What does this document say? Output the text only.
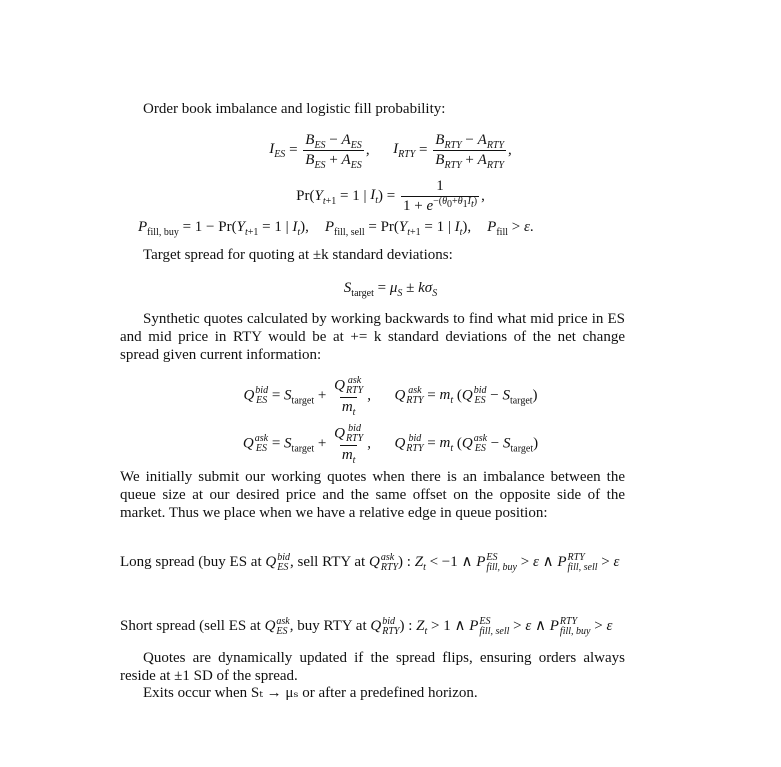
Order book imbalance and logistic fill probability:
$I_{ES} = \frac{B_{ES} - A_{ES}}{B_{ES} + A_{ES}}$ ,  $I_{RTY} = \frac{B_{RTY} - A_{RTY}}{B_{RTY} + A_{RTY}}$ ,
$Pr(Y_{t+1} = 1$ | $I_t) = \frac{1}{1 + e^{-(\theta_0+\theta_1I_t)}}$ ,
$P_{fill, buy} = 1 - Pr(Y_{t+1} = 1$ | $I_t$), $P_{fill, sell} = Pr(Y_{t+1} = 1$ | $I_t$), $P_{fill} > \varepsilon$.
Target spread for quoting at ±k standard deviations:
$S_{target} = \mu_S \pm k\sigma_S$
Synthetic quotes calculated by working backwards to find what mid price in ES and mid price in RTY would be at += k standard deviations of the net change spread given current information:
Q bid
ES = $S_{target} + Q$ ask
RTY
$m_t$ ,  Q ask
RTY = $m_t$ (Q bid
ES − $S_{target}$)
Q ask
ES = $S_{target} + Q$ bid
RTY
$m_t$ ,  Q bid
RTY = $m_t$ (Q ask
ES − $S_{target}$)
We initially submit our working quotes when there is an imbalance between the queue size at our desired price and the same offset on the opposite side of the market. Thus we place when we have a relative edge in queue position:
Long spread (buy ES at Q bid
ES , sell RTY at Q ask
RTY ) : $Z_t < -1$ ∧ P ES
fill, buy > ε ∧ P RTY
fill, sell > ε
Short spread (sell ES at Q ask
ES , buy RTY at Q bid
RTY ) : $Z_t > 1$ ∧ P ES
fill, sell > ε ∧ P RTY
fill, buy > ε
Quotes are dynamically updated if the spread flips, ensuring orders always reside at ±1 SD of the spread.
Exits occur when Sₜ → μₛ or after a predefined horizon.
